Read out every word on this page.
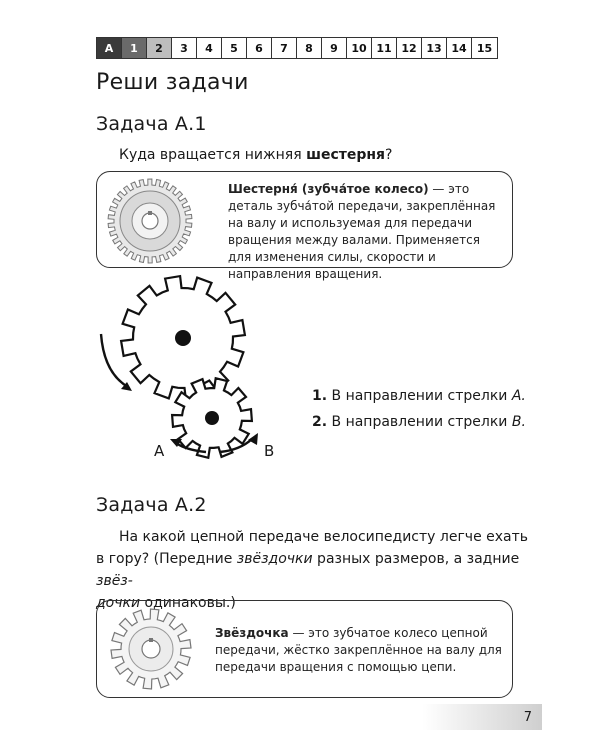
A	1	2	3	4	5	6	7	8	9	10 11 12 13 14 15
Реши задачи
Задача А.1
Куда вращается нижняя шестерня?
Шестерня́ (зубча́тое колесо) — это деталь зубча́той передачи, закреплённая на валу и используемая для передачи вращения между валами. Применяется для изменения силы, скорости и направления вращения.
А	В
1. В направлении стрелки А.
2. В направлении стрелки В.
Задача А.2
На какой цепной передаче велосипедисту легче ехать
в гору? (Передние звёздочки разных размеров, а задние звёз-
дочки одинаковы.)
Звёздочка — это зубчатое колесо цепной передачи, жёстко закреплённое на валу для передачи вращения с помощью цепи.
7
